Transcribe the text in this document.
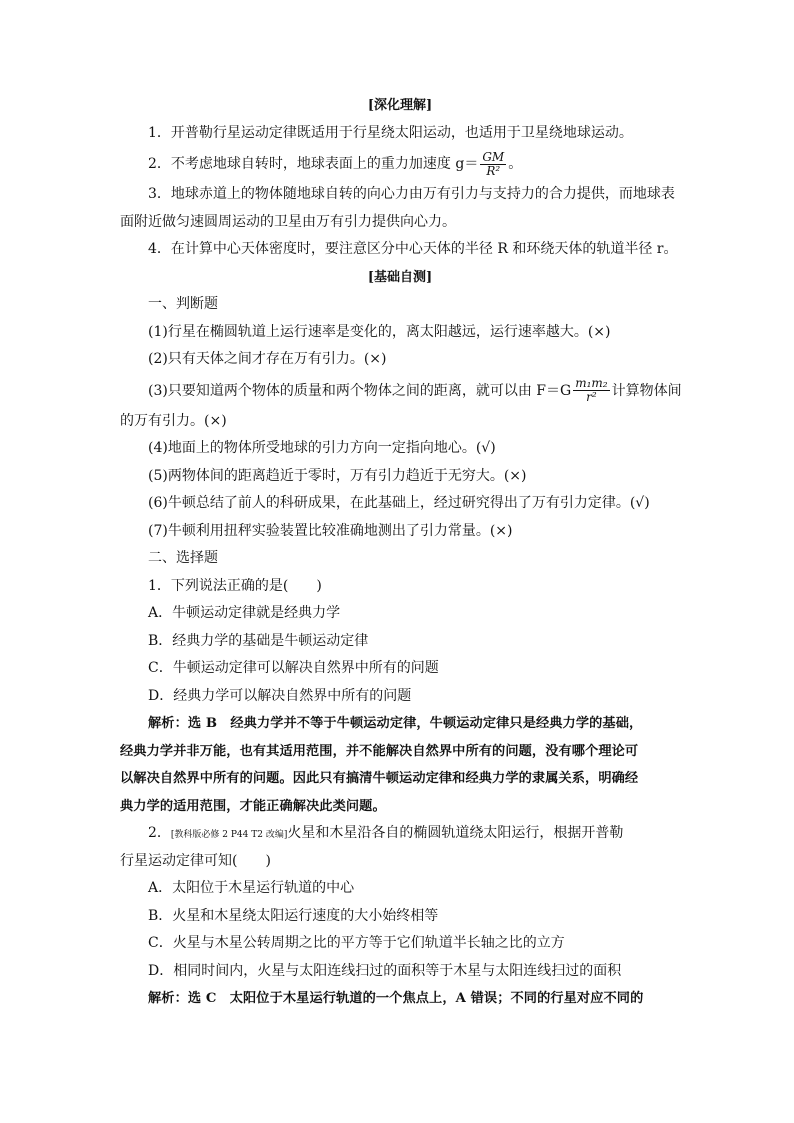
[深化理解]
1．开普勒行星运动定律既适用于行星绕太阳运动，也适用于卫星绕地球运动。
2．不考虑地球自转时，地球表面上的重力加速度 $g= \frac{GM}{\text{R²}}$ 。
3．地球赤道上的物体随地球自转的向心力由万有引力与支持力的合力提供，而地球表
面附近做匀速圆周运动的卫星由万有引力提供向心力。
4．在计算中心天体密度时，要注意区分中心天体的半径 R 和环绕天体的轨道半径 r。
[基础自测]
一、判断题
(1)行星在椭圆轨道上运行速率是变化的，离太阳越远，运行速率越大。(×)
(2)只有天体之间才存在万有引力。(×)
(3)只要知道两个物体的质量和两个物体之间的距离，就可以由 $F=G \frac{\text{m₁m₂}}{\text{r²}}$ 计算物体间
的万有引力。(×)
(4)地面上的物体所受地球的引力方向一定指向地心。(√)
(5)两物体间的距离趋近于零时，万有引力趋近于无穷大。(×)
(6)牛顿总结了前人的科研成果，在此基础上，经过研究得出了万有引力定律。(√)
(7)牛顿利用扭秤实验装置比较准确地测出了引力常量。(×)
二、选择题
1．下列说法正确的是(　　)
A．牛顿运动定律就是经典力学
B．经典力学的基础是牛顿运动定律
C．牛顿运动定律可以解决自然界中所有的问题
D．经典力学可以解决自然界中所有的问题
解析：选 B　经典力学并不等于牛顿运动定律，牛顿运动定律只是经典力学的基础，
经典力学并非万能，也有其适用范围，并不能解决自然界中所有的问题，没有哪个理论可
以解决自然界中所有的问题。因此只有搞清牛顿运动定律和经典力学的隶属关系，明确经
典力学的适用范围，才能正确解决此类问题。
2．[教科版必修 2 P44 T2 改编]火星和木星沿各自的椭圆轨道绕太阳运行，根据开普勒
行星运动定律可知(　　)
A．太阳位于木星运行轨道的中心
B．火星和木星绕太阳运行速度的大小始终相等
C．火星与木星公转周期之比的平方等于它们轨道半长轴之比的立方
D．相同时间内，火星与太阳连线扫过的面积等于木星与太阳连线扫过的面积
解析：选 C　太阳位于木星运行轨道的一个焦点上，A 错误；不同的行星对应不同的
